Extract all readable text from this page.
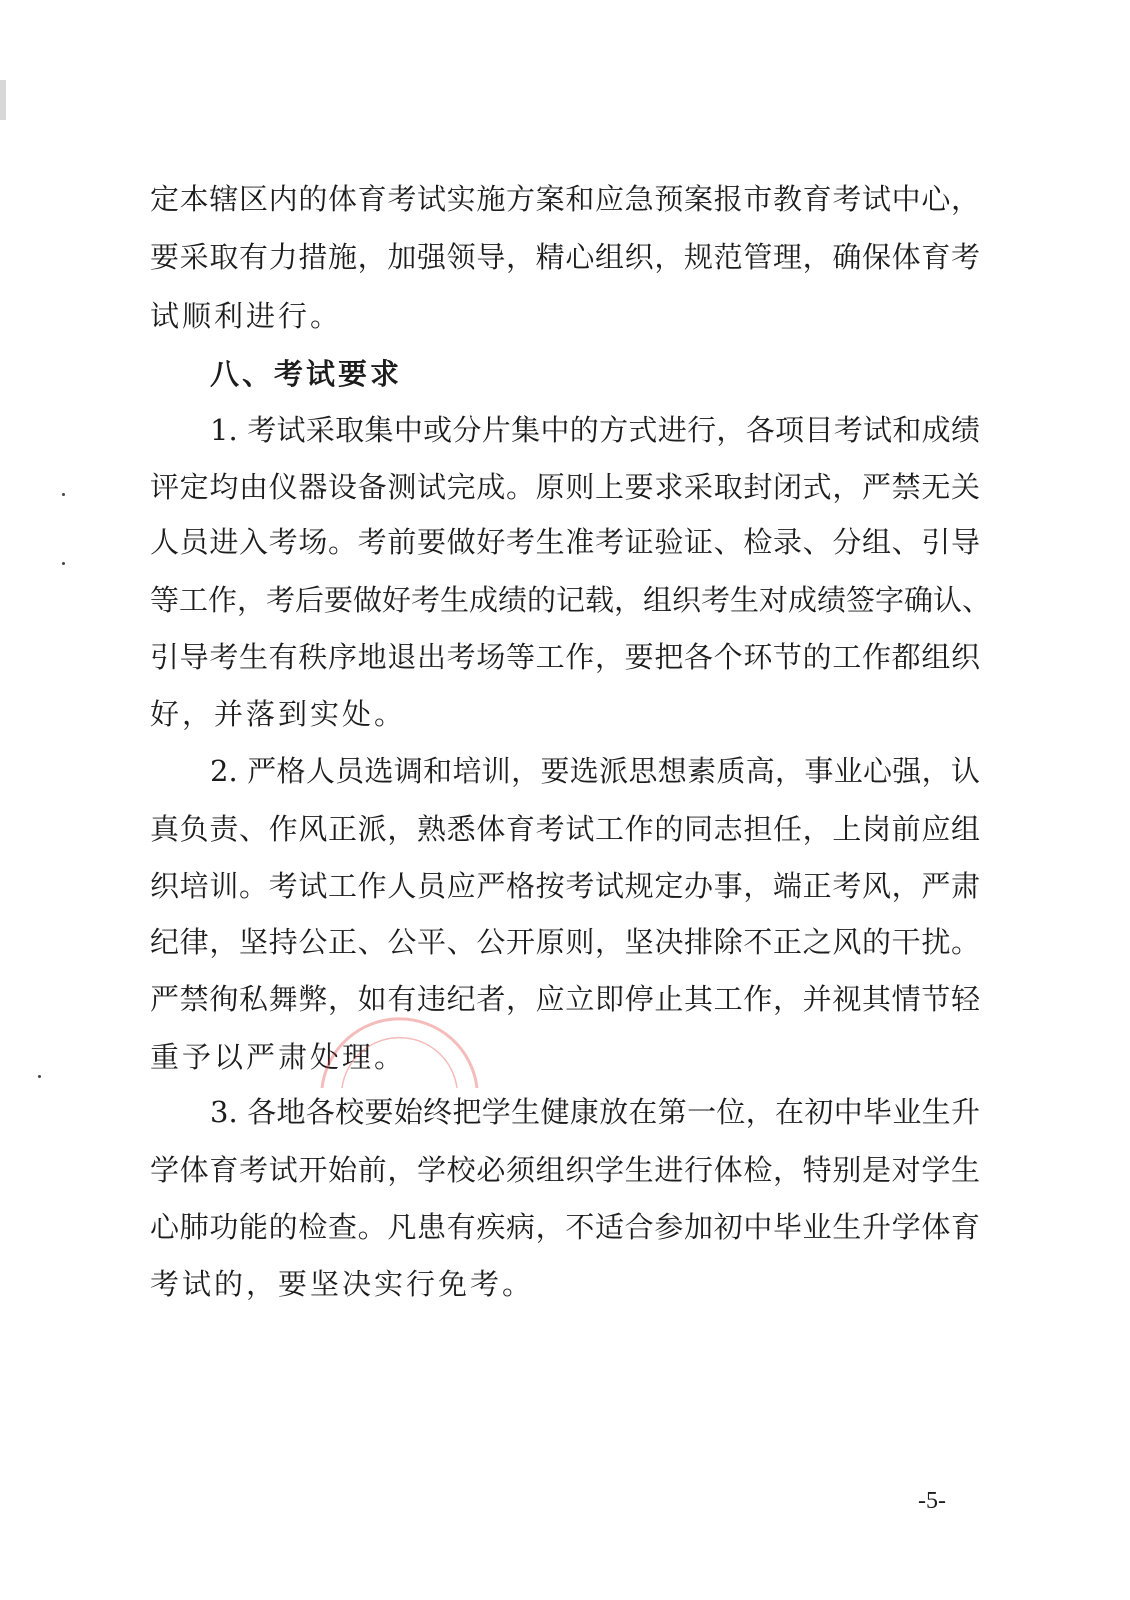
定本辖区内的体育考试实施方案和应急预案报市教育考试中心，
要采取有力措施，加强领导，精心组织，规范管理，确保体育考
试顺利进行。
八、考试要求
1. 考试采取集中或分片集中的方式进行，各项目考试和成绩
评定均由仪器设备测试完成。原则上要求采取封闭式，严禁无关
人员进入考场。考前要做好考生准考证验证、检录、分组、引导
等工作，考后要做好考生成绩的记载，组织考生对成绩签字确认、
引导考生有秩序地退出考场等工作，要把各个环节的工作都组织
好，并落到实处。
2. 严格人员选调和培训，要选派思想素质高，事业心强，认
真负责、作风正派，熟悉体育考试工作的同志担任，上岗前应组
织培训。考试工作人员应严格按考试规定办事，端正考风，严肃
纪律，坚持公正、公平、公开原则，坚决排除不正之风的干扰。
严禁徇私舞弊，如有违纪者，应立即停止其工作，并视其情节轻
重予以严肃处理。
3. 各地各校要始终把学生健康放在第一位，在初中毕业生升
学体育考试开始前，学校必须组织学生进行体检，特别是对学生
心肺功能的检查。凡患有疾病，不适合参加初中毕业生升学体育
考试的，要坚决实行免考。
-5-
